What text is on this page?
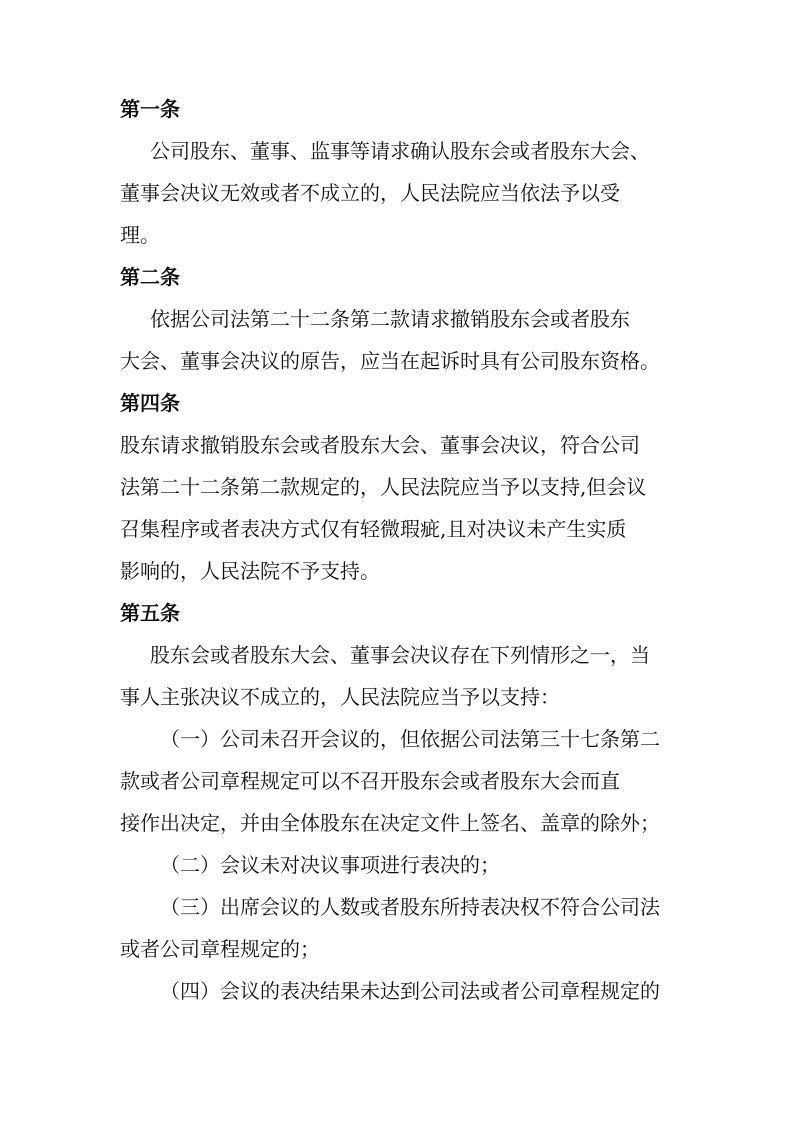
第一条
公司股东、董事、监事等请求确认股东会或者股东大会、
董事会决议无效或者不成立的，人民法院应当依法予以受
理。
第二条
依据公司法第二十二条第二款请求撤销股东会或者股东
大会、董事会决议的原告，应当在起诉时具有公司股东资格。
第四条
股东请求撤销股东会或者股东大会、董事会决议，符合公司
法第二十二条第二款规定的，人民法院应当予以支持,但会议
召集程序或者表决方式仅有轻微瑕疵,且对决议未产生实质
影响的，人民法院不予支持。
第五条
股东会或者股东大会、董事会决议存在下列情形之一，当
事人主张决议不成立的，人民法院应当予以支持：
（一）公司未召开会议的，但依据公司法第三十七条第二
款或者公司章程规定可以不召开股东会或者股东大会而直
接作出决定，并由全体股东在决定文件上签名、盖章的除外；
（二）会议未对决议事项进行表决的；
（三）出席会议的人数或者股东所持表决权不符合公司法
或者公司章程规定的；
（四）会议的表决结果未达到公司法或者公司章程规定的
